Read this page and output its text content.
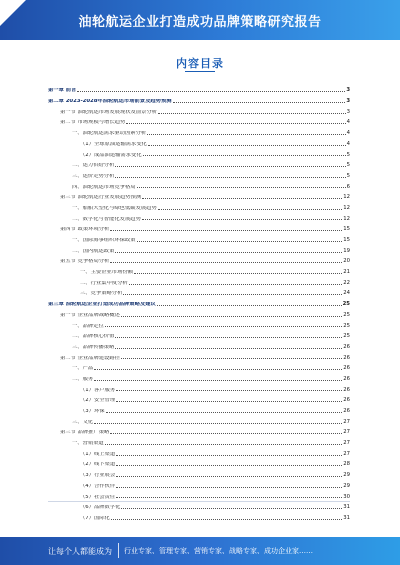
油轮航运企业打造成功品牌策略研究报告
内容目录
第一章 前言	3
第二章 2023-2028年油轮航运市场前景及趋势预测	3
第一节 油轮航运市场发展现状及前景分析	3
第二节 市场规模与增长趋势	4
一、油轮航运需求驱动因素分析	4
（1）全球原油运输需求变化	4
（2）成品油运输需求变化	5
二、运力供给分析	5
三、运价走势分析	5
四、油轮航运市场竞争格局	6
第三节 油轮航运行业发展趋势预测	12
一、船舶大型化与绿色低碳发展趋势	12
二、数字化与智能化发展趋势	12
第四节 政策环境分析	15
一、国际海事组织环保政策	15
二、国内航运政策	19
第五节 竞争格局分析	20
一、主要企业市场份额	21
二、行业集中度分析	22
三、竞争策略分析	24
第三章 油轮航运企业打造成功品牌策略及建议	25
第一节 企业品牌战略概述	25
一、品牌定位	25
二、品牌核心价值	25
三、品牌传播策略	26
第二节 企业品牌建设路径	26
一、产品	26
二、服务	26
（1）客户服务	26
（2）安全管理	26
（3）环保	26
三、文化	27
第三节 品牌推广策略	27
一、营销渠道	27
（1）线上渠道	27
（2）线下渠道	28
（3）行业展会	29
（4）合作伙伴	29
（5）社会责任	30
（6）品牌数字化	31
（7）国际化	31
让每个人都能成为 行业专家、管理专家、营销专家、战略专家、成功企业家……
